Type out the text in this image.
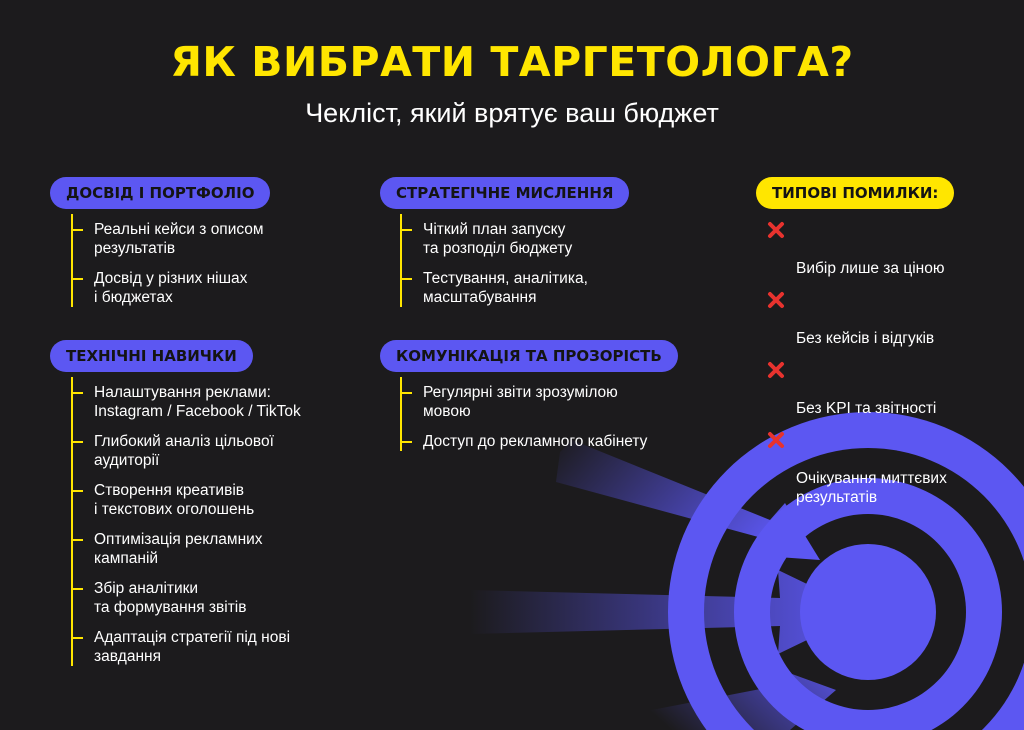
ЯК ВИБРАТИ ТАРГЕТОЛОГА?

Чекліст, який врятує ваш бюджет

ДОСВІД І ПОРТФОЛІО
Реальні кейси з описом
результатів
Досвід у різних нішах
і бюджетах
ТЕХНІЧНІ НАВИЧКИ
Налаштування реклами:
Instagram / Facebook / TikTok
Глибокий аналіз цільової
аудиторії
Створення креативів
і текстових оголошень
Оптимізація рекламних
кампаній
Збір аналітики
та формування звітів
Адаптація стратегії під нові
завдання
СТРАТЕГІЧНЕ МИСЛЕННЯ
Чіткий план запуску
та розподіл бюджету
Тестування, аналітика,
масштабування
КОМУНІКАЦІЯ ТА ПРОЗОРІСТЬ
Регулярні звіти зрозумілою
мовою
Доступ до рекламного кабінету
ТИПОВІ ПОМИЛКИ:

Вибір лише за ціною

Без кейсів і відгуків

Без KPI та звітності

Очікування миттєвих
результатів
